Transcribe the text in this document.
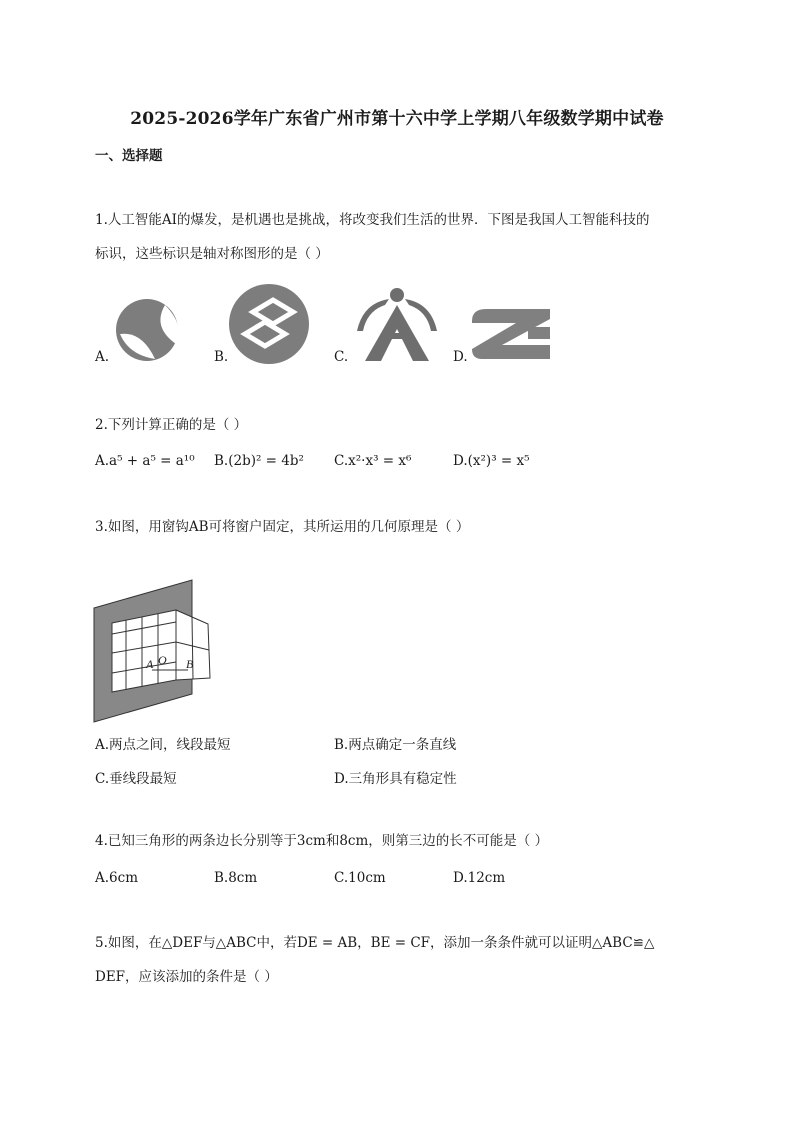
2025-2026学年广东省广州市第十六中学上学期八年级数学期中试卷
一、选择题
1.人工智能AI的爆发，是机遇也是挑战，将改变我们生活的世界．下图是我国人工智能科技的
标识，这些标识是轴对称图形的是（ ）
A.	B.	C.	D.
2.下列计算正确的是（ ）
A.a⁵ + a⁵ = a¹⁰ B.(2b)² = 4b² C.x²·x³ = x⁶	D.(x²)³ = x⁵
3.如图，用窗钩AB可将窗户固定，其所运用的几何原理是（ ）
A O B
A.两点之间，线段最短	B.两点确定一条直线
C.垂线段最短	D.三角形具有稳定性
4.已知三角形的两条边长分别等于3cm和8cm，则第三边的长不可能是（ ）
A.6cm	B.8cm	C.10cm	D.12cm
5.如图，在△DEF与△ABC中，若DE = AB，BE = CF，添加一条条件就可以证明△ABC≌△
DEF，应该添加的条件是（ ）
